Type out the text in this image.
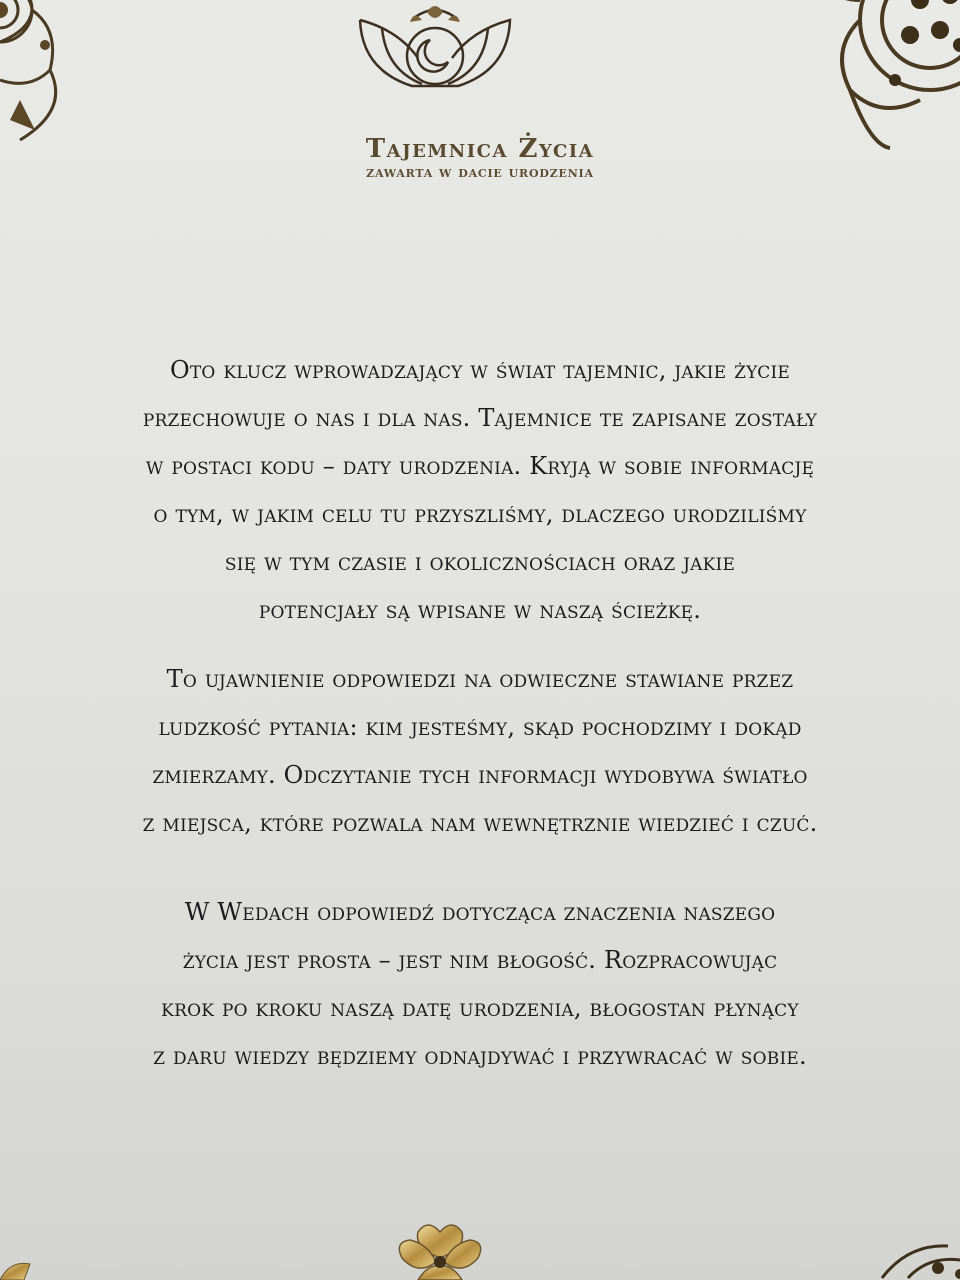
Tajemnica Życia
zawarta w dacie urodzenia
Oto klucz wprowadzający w świat tajemnic, jakie życie
przechowuje o nas i dla nas. Tajemnice te zapisane zostały
w postaci kodu – daty urodzenia. Kryją w sobie informację
o tym, w jakim celu tu przyszliśmy, dlaczego urodziliśmy
się w tym czasie i okolicznościach oraz jakie
potencjały są wpisane w naszą ścieżkę.
To ujawnienie odpowiedzi na odwieczne stawiane przez
ludzkość pytania: kim jesteśmy, skąd pochodzimy i dokąd
zmierzamy. Odczytanie tych informacji wydobywa światło
z miejsca, które pozwala nam wewnętrznie wiedzieć i czuć.
W Wedach odpowiedź dotycząca znaczenia naszego
życia jest prosta – jest nim błogość. Rozpracowując
krok po kroku naszą datę urodzenia, błogostan płynący
z daru wiedzy będziemy odnajdywać i przywracać w sobie.
